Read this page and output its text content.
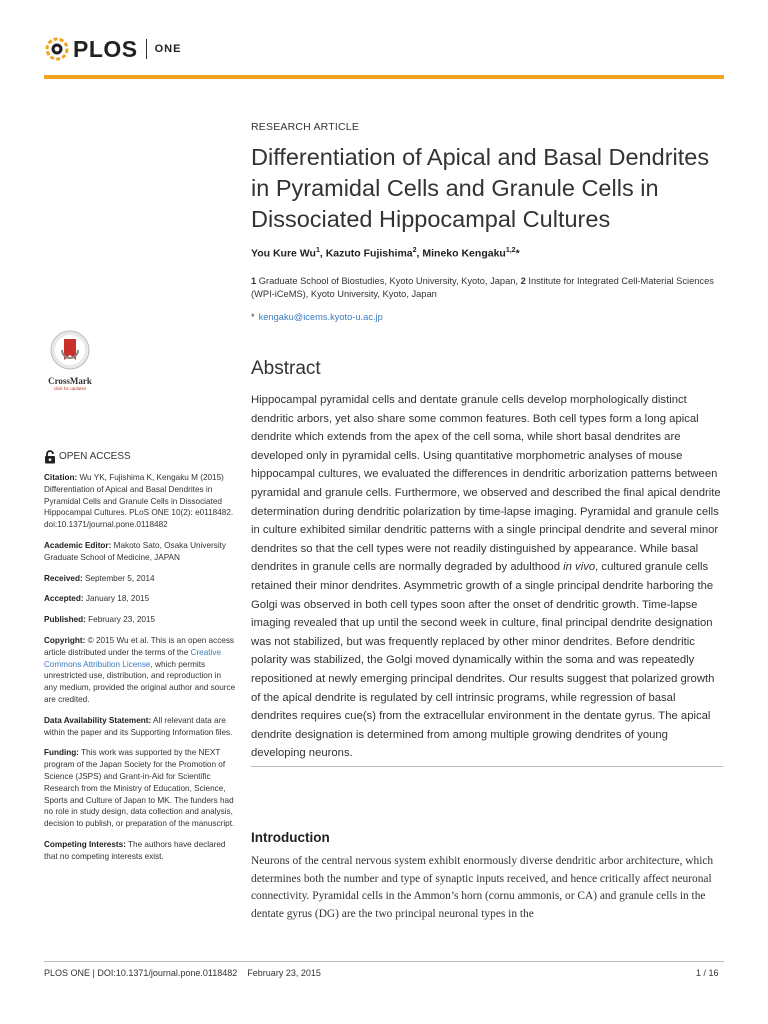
PLOS ONE
RESEARCH ARTICLE
Differentiation of Apical and Basal Dendrites in Pyramidal Cells and Granule Cells in Dissociated Hippocampal Cultures
You Kure Wu$^1$, Kazuto Fujishima$^2$, Mineko Kengaku$^{1,2}$*
1 Graduate School of Biostudies, Kyoto University, Kyoto, Japan, 2 Institute for Integrated Cell-Material Sciences (WPI-iCeMS), Kyoto University, Kyoto, Japan
* kengaku@icems.kyoto-u.ac.jp
CrossMark
click for updates
Abstract

Hippocampal pyramidal cells and dentate granule cells develop morphologically distinct dendritic arbors, yet also share some common features. Both cell types form a long apical dendrite which extends from the apex of the cell soma, while short basal dendrites are developed only in pyramidal cells. Using quantitative morphometric analyses of mouse hippocampal cultures, we evaluated the differences in dendritic arborization patterns between pyramidal and granule cells. Furthermore, we observed and described the final apical dendrite determination during dendritic polarization by time-lapse imaging. Pyramidal and granule cells in culture exhibited similar dendritic patterns with a single principal dendrite and several minor dendrites so that the cell types were not readily distinguished by appearance. While basal dendrites in granule cells are normally degraded by adulthood in vivo, cultured granule cells retained their minor dendrites. Asymmetric growth of a single principal dendrite harboring the Golgi was observed in both cell types soon after the onset of dendritic growth. Time-lapse imaging revealed that up until the second week in culture, final principal dendrite designation was not stabilized, but was frequently replaced by other minor dendrites. Before dendritic polarity was stabilized, the Golgi moved dynamically within the soma and was repeatedly repositioned at newly emerging principal dendrites. Our results suggest that polarized growth of the apical dendrite is regulated by cell intrinsic programs, while regression of basal dendrites requires cue(s) from the extracellular environment in the dentate gyrus. The apical dendrite designation is determined from among multiple growing dendrites of young developing neurons.

Introduction

Neurons of the central nervous system exhibit enormously diverse dendritic arbor architecture, which determines both the number and type of synaptic inputs received, and hence critically affect neuronal connectivity. Pyramidal cells in the Ammon’s horn (cornu ammonis, or CA) and granule cells in the dentate gyrus (DG) are the two principal neuronal types in the

OPEN ACCESS

Citation: Wu YK, Fujishima K, Kengaku M (2015) Differentiation of Apical and Basal Dendrites in Pyramidal Cells and Granule Cells in Dissociated Hippocampal Cultures. PLoS ONE 10(2): e0118482. doi:10.1371/journal.pone.0118482

Academic Editor: Makoto Sato, Osaka University Graduate School of Medicine, JAPAN

Received: September 5, 2014

Accepted: January 18, 2015

Published: February 23, 2015

Copyright: © 2015 Wu et al. This is an open access article distributed under the terms of the Creative Commons Attribution License, which permits unrestricted use, distribution, and reproduction in any medium, provided the original author and source are credited.

Data Availability Statement: All relevant data are within the paper and its Supporting Information files.

Funding: This work was supported by the NEXT program of the Japan Society for the Promotion of Science (JSPS) and Grant-in-Aid for Scientific Research from the Ministry of Education, Science, Sports and Culture of Japan to MK. The funders had no role in study design, data collection and analysis, decision to publish, or preparation of the manuscript.

Competing Interests: The authors have declared that no competing interests exist.

PLOS ONE | DOI:10.1371/journal.pone.0118482    February 23, 2015	1 / 16
